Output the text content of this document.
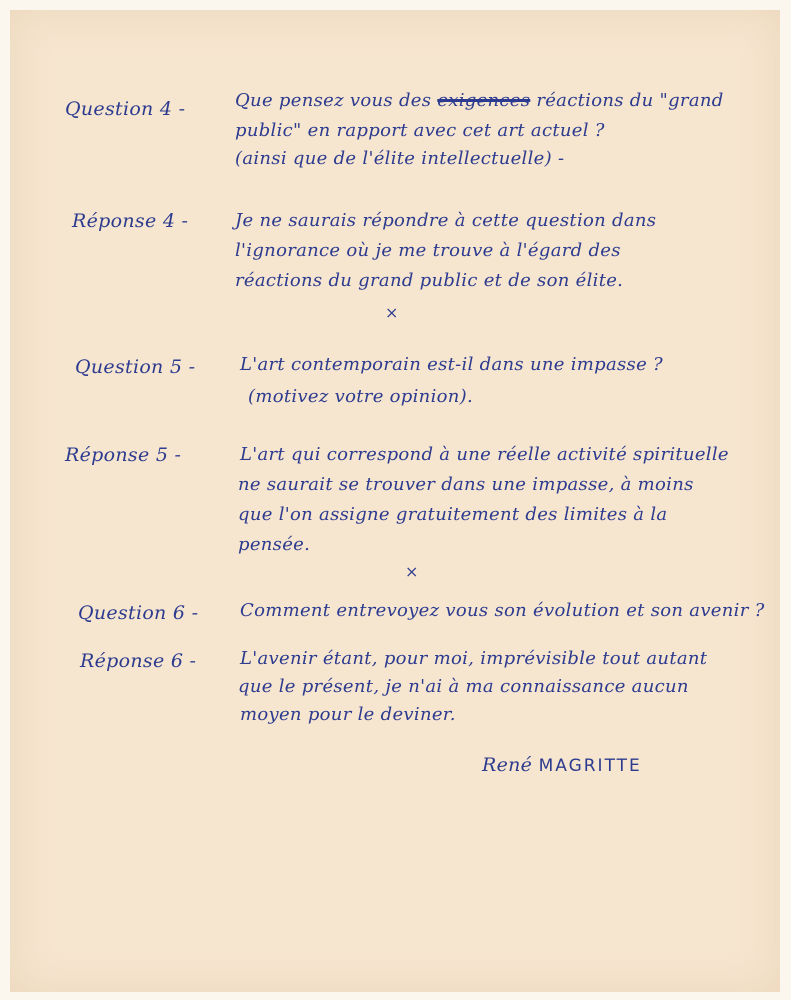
Question 4 -	Que pensez vous des exigences réactions du "grand
public" en rapport avec cet art actuel ?
(ainsi que de l'élite intellectuelle) -
Réponse 4 -	Je ne saurais répondre à cette question dans
l'ignorance où je me trouve à l'égard des
réactions du grand public et de son élite.
×
Question 5 - L'art contemporain est-il dans une impasse ?
(motivez votre opinion).
Réponse 5 -	L'art qui correspond à une réelle activité spirituelle
ne saurait se trouver dans une impasse, à moins
que l'on assigne gratuitement des limites à la
pensée.
×
Question 6 - Comment entrevoyez vous son évolution et son avenir ?
Réponse 6 - L'avenir étant, pour moi, imprévisible tout autant
que le présent, je n'ai à ma connaissance aucun
moyen pour le deviner.
René MAGRITTE
